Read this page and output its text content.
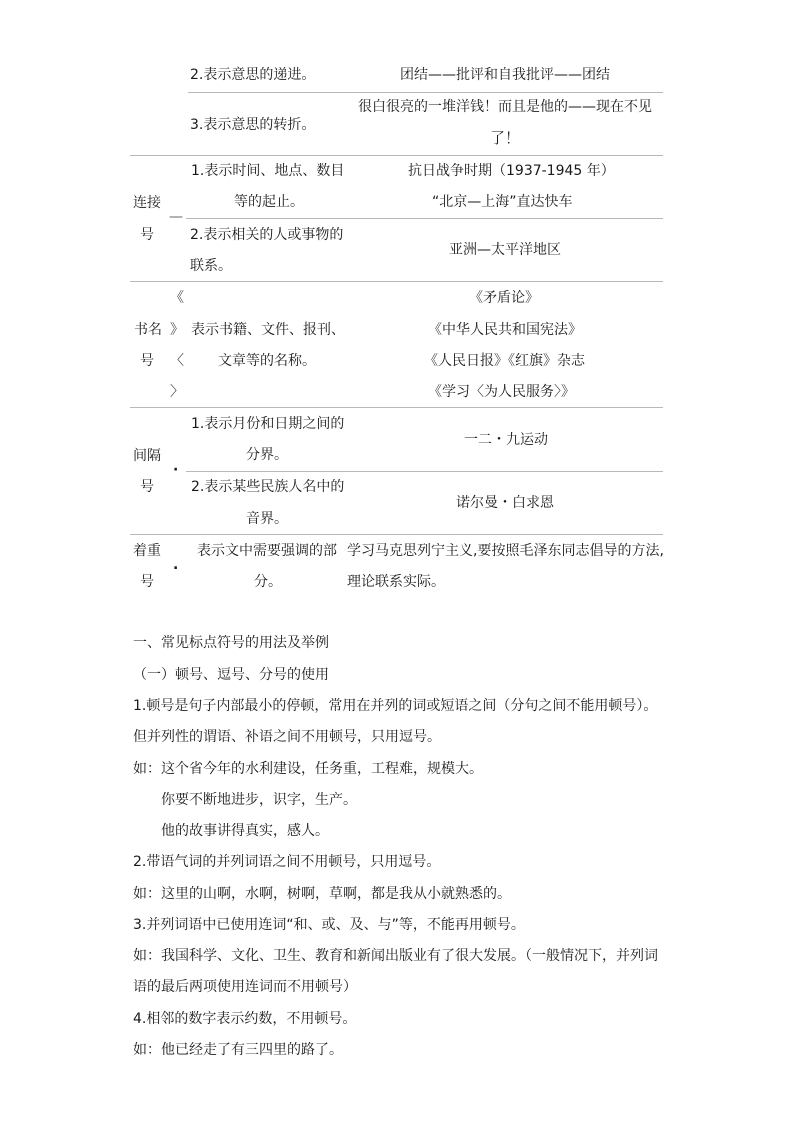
2.表示意思的递进。	团结——批评和自我批评——团结
3.表示意思的转折。
很白很亮的一堆洋钱！而且是他的——现在不见
了！
连接
号
—
1.表示时间、地点、数目
等的起止。
抗日战争时期（1937-1945 年）
“北京—上海”直达快车
2.表示相关的人或事物的
联系。
亚洲—太平洋地区
《
书名 》
号 〈
〉
表示书籍、文件、报刊、
文章等的名称。
《矛盾论》
《中华人民共和国宪法》
《人民日报》《红旗》杂志
《学习〈为人民服务〉》
间隔
号
·
1.表示月份和日期之间的
分界。
一二・九运动
2.表示某些民族人名中的
音界。
诺尔曼・白求恩
着重
号
.
表示文中需要强调的部
分。
学习马克思列宁主义,要按照毛泽东同志倡导的方法,
理论联系实际。
一、常见标点符号的用法及举例
（一）顿号、逗号、分号的使用
1.顿号是句子内部最小的停顿，常用在并列的词或短语之间（分句之间不能用顿号）。
但并列性的谓语、补语之间不用顿号，只用逗号。
如：这个省今年的水利建设，任务重，工程难，规模大。
你要不断地进步，识字，生产。
他的故事讲得真实，感人。
2.带语气词的并列词语之间不用顿号，只用逗号。
如：这里的山啊，水啊，树啊，草啊，都是我从小就熟悉的。
3.并列词语中已使用连词“和、或、及、与”等，不能再用顿号。
如：我国科学、文化、卫生、教育和新闻出版业有了很大发展。（一般情况下，并列词
语的最后两项使用连词而不用顿号）
4.相邻的数字表示约数，不用顿号。
如：他已经走了有三四里的路了。
